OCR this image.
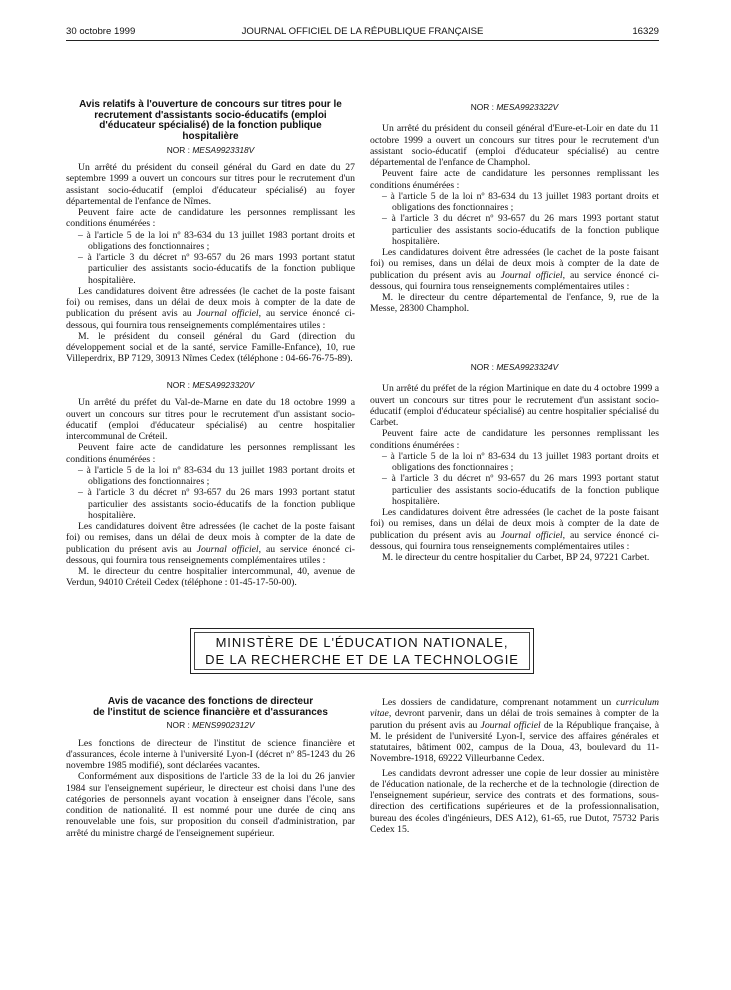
30 octobre 1999	JOURNAL OFFICIEL DE LA RÉPUBLIQUE FRANÇAISE	16329
Avis relatifs à l'ouverture de concours sur titres pour le recrutement d'assistants socio-éducatifs (emploi d'éducateur spécialisé) de la fonction publique hospitalière
NOR : MESA9923318V

Un arrêté du président du conseil général du Gard en date du 27 septembre 1999 a ouvert un concours sur titres pour le recrutement d'un assistant socio-éducatif (emploi d'éducateur spécialisé) au foyer départemental de l'enfance de Nîmes.

Peuvent faire acte de candidature les personnes remplissant les conditions énumérées :

– à l'article 5 de la loi nº 83-634 du 13 juillet 1983 portant droits et obligations des fonctionnaires ;
– à l'article 3 du décret nº 93-657 du 26 mars 1993 portant statut particulier des assistants socio-éducatifs de la fonction publique hospitalière.

Les candidatures doivent être adressées (le cachet de la poste faisant foi) ou remises, dans un délai de deux mois à compter de la date de publication du présent avis au Journal officiel, au service énoncé ci-dessous, qui fournira tous renseignements complémentaires utiles :

M. le président du conseil général du Gard (direction du développement social et de la santé, service Famille-Enfance), 10, rue Villeperdrix, BP 7129, 30913 Nîmes Cedex (téléphone : 04-66-76-75-89).

NOR : MESA9923320V

Un arrêté du préfet du Val-de-Marne en date du 18 octobre 1999 a ouvert un concours sur titres pour le recrutement d'un assistant socio-éducatif (emploi d'éducateur spécialisé) au centre hospitalier intercommunal de Créteil.

Peuvent faire acte de candidature les personnes remplissant les conditions énumérées :

– à l'article 5 de la loi nº 83-634 du 13 juillet 1983 portant droits et obligations des fonctionnaires ;
– à l'article 3 du décret nº 93-657 du 26 mars 1993 portant statut particulier des assistants socio-éducatifs de la fonction publique hospitalière.

Les candidatures doivent être adressées (le cachet de la poste faisant foi) ou remises, dans un délai de deux mois à compter de la date de publication du présent avis au Journal officiel, au service énoncé ci-dessous, qui fournira tous renseignements complémentaires utiles :

M. le directeur du centre hospitalier intercommunal, 40, avenue de Verdun, 94010 Créteil Cedex (téléphone : 01-45-17-50-00).

NOR : MESA9923322V

Un arrêté du président du conseil général d'Eure-et-Loir en date du 11 octobre 1999 a ouvert un concours sur titres pour le recrutement d'un assistant socio-éducatif (emploi d'éducateur spécialisé) au centre départemental de l'enfance de Champhol.

Peuvent faire acte de candidature les personnes remplissant les conditions énumérées :

– à l'article 5 de la loi nº 83-634 du 13 juillet 1983 portant droits et obligations des fonctionnaires ;
– à l'article 3 du décret nº 93-657 du 26 mars 1993 portant statut particulier des assistants socio-éducatifs de la fonction publique hospitalière.

Les candidatures doivent être adressées (le cachet de la poste faisant foi) ou remises, dans un délai de deux mois à compter de la date de publication du présent avis au Journal officiel, au service énoncé ci-dessous, qui fournira tous renseignements complémentaires utiles :

M. le directeur du centre départemental de l'enfance, 9, rue de la Messe, 28300 Champhol.

NOR : MESA9923324V

Un arrêté du préfet de la région Martinique en date du 4 octobre 1999 a ouvert un concours sur titres pour le recrutement d'un assistant socio-éducatif (emploi d'éducateur spécialisé) au centre hospitalier spécialisé du Carbet.

Peuvent faire acte de candidature les personnes remplissant les conditions énumérées :

– à l'article 5 de la loi nº 83-634 du 13 juillet 1983 portant droits et obligations des fonctionnaires ;
– à l'article 3 du décret nº 93-657 du 26 mars 1993 portant statut particulier des assistants socio-éducatifs de la fonction publique hospitalière.

Les candidatures doivent être adressées (le cachet de la poste faisant foi) ou remises, dans un délai de deux mois à compter de la date de publication du présent avis au Journal officiel, au service énoncé ci-dessous, qui fournira tous renseignements complémentaires utiles :

M. le directeur du centre hospitalier du Carbet, BP 24, 97221 Carbet.

MINISTÈRE DE L'ÉDUCATION NATIONALE,
DE LA RECHERCHE ET DE LA TECHNOLOGIE
Avis de vacance des fonctions de directeur
de l'institut de science financière et d'assurances
NOR : MENS9902312V

Les fonctions de directeur de l'institut de science financière et d'assurances, école interne à l'université Lyon-I (décret nº 85-1243 du 26 novembre 1985 modifié), sont déclarées vacantes.

Conformément aux dispositions de l'article 33 de la loi du 26 janvier 1984 sur l'enseignement supérieur, le directeur est choisi dans l'une des catégories de personnels ayant vocation à enseigner dans l'école, sans condition de nationalité. Il est nommé pour une durée de cinq ans renouvelable une fois, sur proposition du conseil d'administration, par arrêté du ministre chargé de l'enseignement supérieur.

Les dossiers de candidature, comprenant notamment un curriculum vitae, devront parvenir, dans un délai de trois semaines à compter de la parution du présent avis au Journal officiel de la République française, à M. le président de l'université Lyon-I, service des affaires générales et statutaires, bâtiment 002, campus de la Doua, 43, boulevard du 11-Novembre-1918, 69222 Villeurbanne Cedex.

Les candidats devront adresser une copie de leur dossier au ministère de l'éducation nationale, de la recherche et de la technologie (direction de l'enseignement supérieur, service des contrats et des formations, sous-direction des certifications supérieures et de la professionnalisation, bureau des écoles d'ingénieurs, DES A12), 61-65, rue Dutot, 75732 Paris Cedex 15.
